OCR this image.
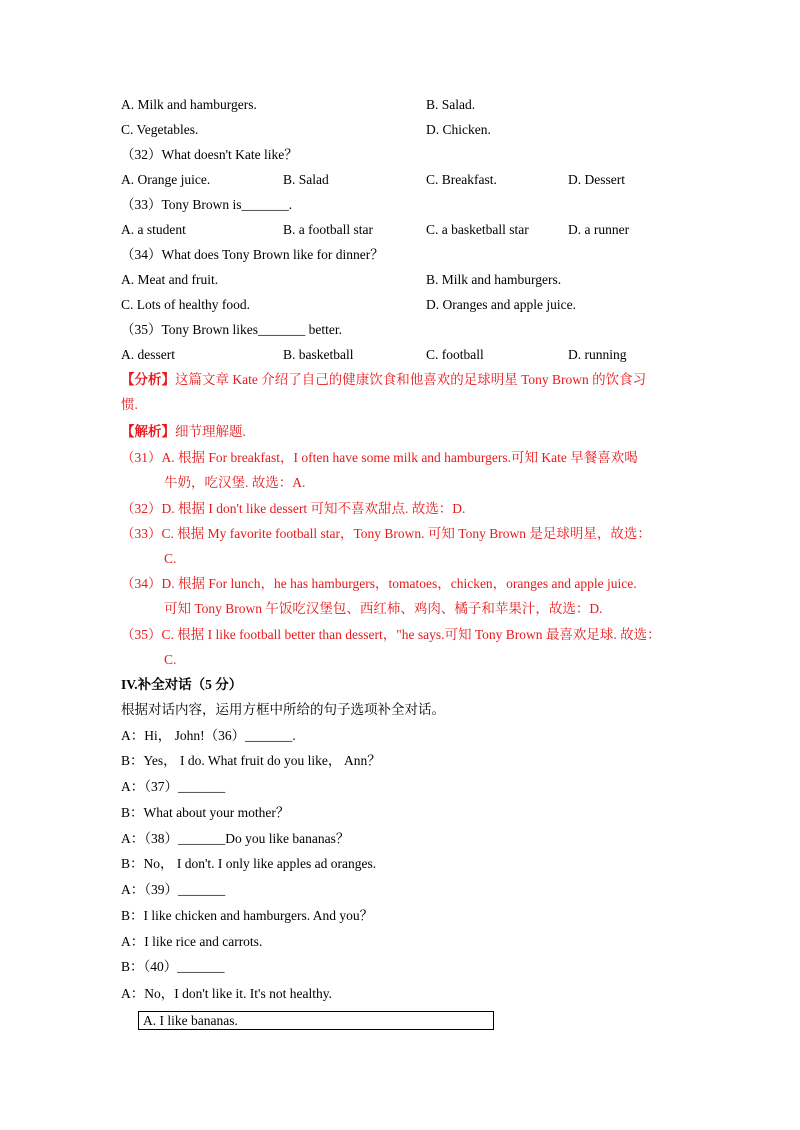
A. Milk and hamburgers.	B. Salad.
C. Vegetables.	D. Chicken.
（32）What doesn't Kate like？
A. Orange juice.	B. Salad	C. Breakfast.	D. Dessert
（33）Tony Brown is_______.
A. a student	B. a football star	C. a basketball star	D. a runner
（34）What does Tony Brown like for dinner？
A. Meat and fruit.	B. Milk and hamburgers.
C. Lots of healthy food.	D. Oranges and apple juice.
（35）Tony Brown likes_______ better.
A. dessert	B. basketball	C. football	D. running
【分析】这篇文章 Kate 介绍了自己的健康饮食和他喜欢的足球明星 Tony Brown 的饮食习
惯.
【解析】细节理解题.
（31）A. 根据 For breakfast，I often have some milk and hamburgers.可知 Kate 早餐喜欢喝
牛奶，吃汉堡. 故选：A.
（32）D. 根据 I don't like dessert 可知不喜欢甜点. 故选：D.
（33）C. 根据 My favorite football star，Tony Brown. 可知 Tony Brown 是足球明星，故选：
C.
（34）D. 根据 For lunch，he has hamburgers，tomatoes，chicken，oranges and apple juice.
可知 Tony Brown 午饭吃汉堡包、西红柿、鸡肉、橘子和苹果汁，故选：D.
（35）C. 根据 I like football better than dessert，"he says.可知 Tony Brown 最喜欢足球. 故选：
C.
IV.补全对话（5 分）
根据对话内容，运用方框中所给的句子选项补全对话。
A：Hi， John!（36）_______.
B：Yes， I do. What fruit do you like， Ann？
A：（37）_______
B：What about your mother？
A：（38）_______Do you like bananas？
B：No， I don't. I only like apples ad oranges.
A：（39）_______
B：I like chicken and hamburgers. And you？
A：I like rice and carrots.
B：（40）_______
A：No，I don't like it. It's not healthy.
A. I like bananas.
